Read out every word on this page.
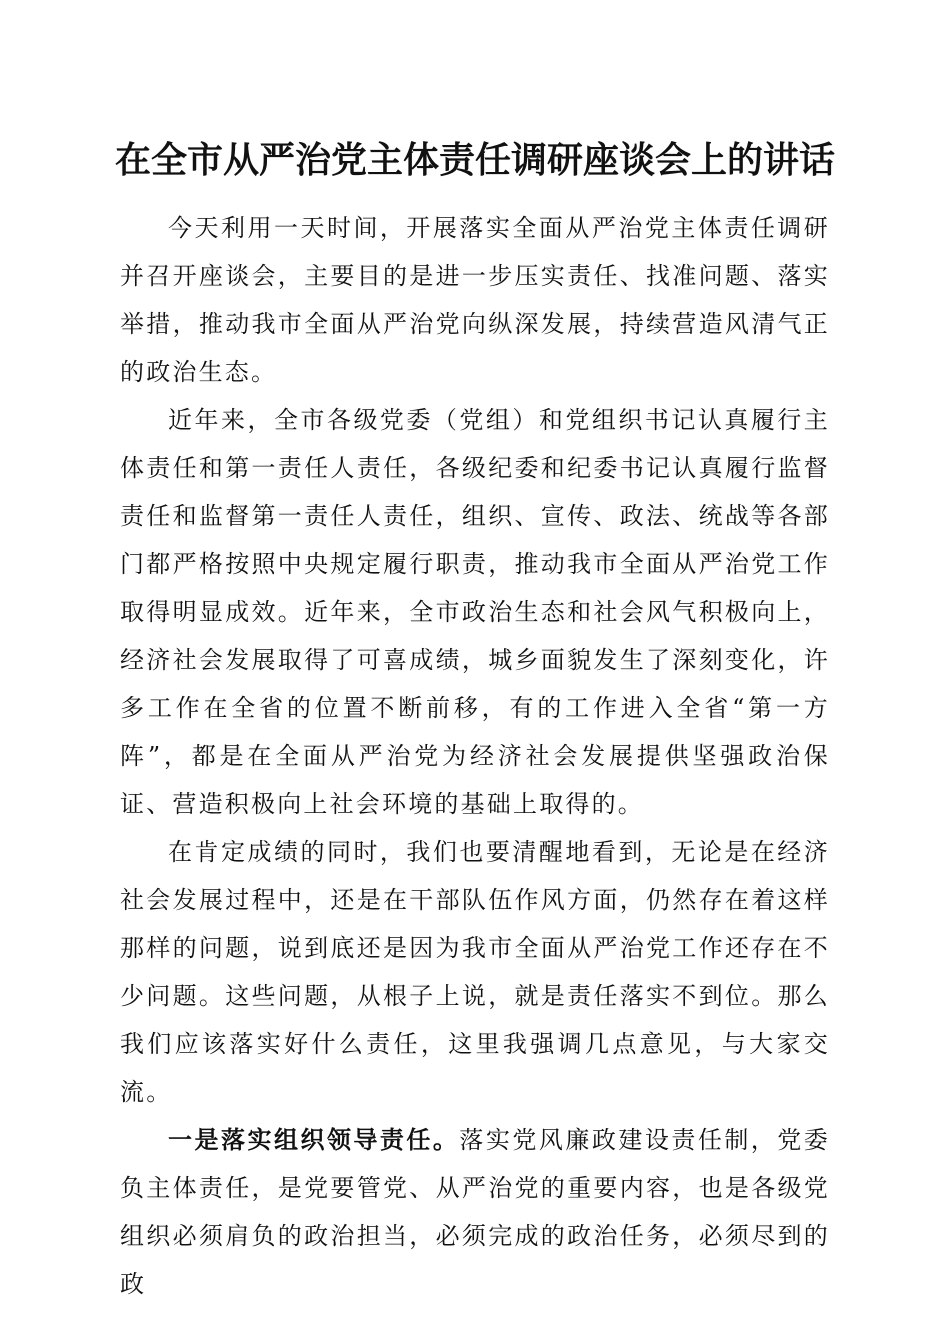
在全市从严治党主体责任调研座谈会上的讲话

今天利用一天时间，开展落实全面从严治党主体责任调研并召开座谈会，主要目的是进一步压实责任、找准问题、落实举措，推动我市全面从严治党向纵深发展，持续营造风清气正的政治生态。

近年来，全市各级党委（党组）和党组织书记认真履行主体责任和第一责任人责任，各级纪委和纪委书记认真履行监督责任和监督第一责任人责任，组织、宣传、政法、统战等各部门都严格按照中央规定履行职责，推动我市全面从严治党工作取得明显成效。近年来，全市政治生态和社会风气积极向上，经济社会发展取得了可喜成绩，城乡面貌发生了深刻变化，许多工作在全省的位置不断前移，有的工作进入全省“第一方阵”，都是在全面从严治党为经济社会发展提供坚强政治保证、营造积极向上社会环境的基础上取得的。

在肯定成绩的同时，我们也要清醒地看到，无论是在经济社会发展过程中，还是在干部队伍作风方面，仍然存在着这样那样的问题，说到底还是因为我市全面从严治党工作还存在不少问题。这些问题，从根子上说，就是责任落实不到位。那么我们应该落实好什么责任，这里我强调几点意见，与大家交流。

一是落实组织领导责任。落实党风廉政建设责任制，党委负主体责任，是党要管党、从严治党的重要内容，也是各级党组织必须肩负的政治担当，必须完成的政治任务，必须尽到的政
